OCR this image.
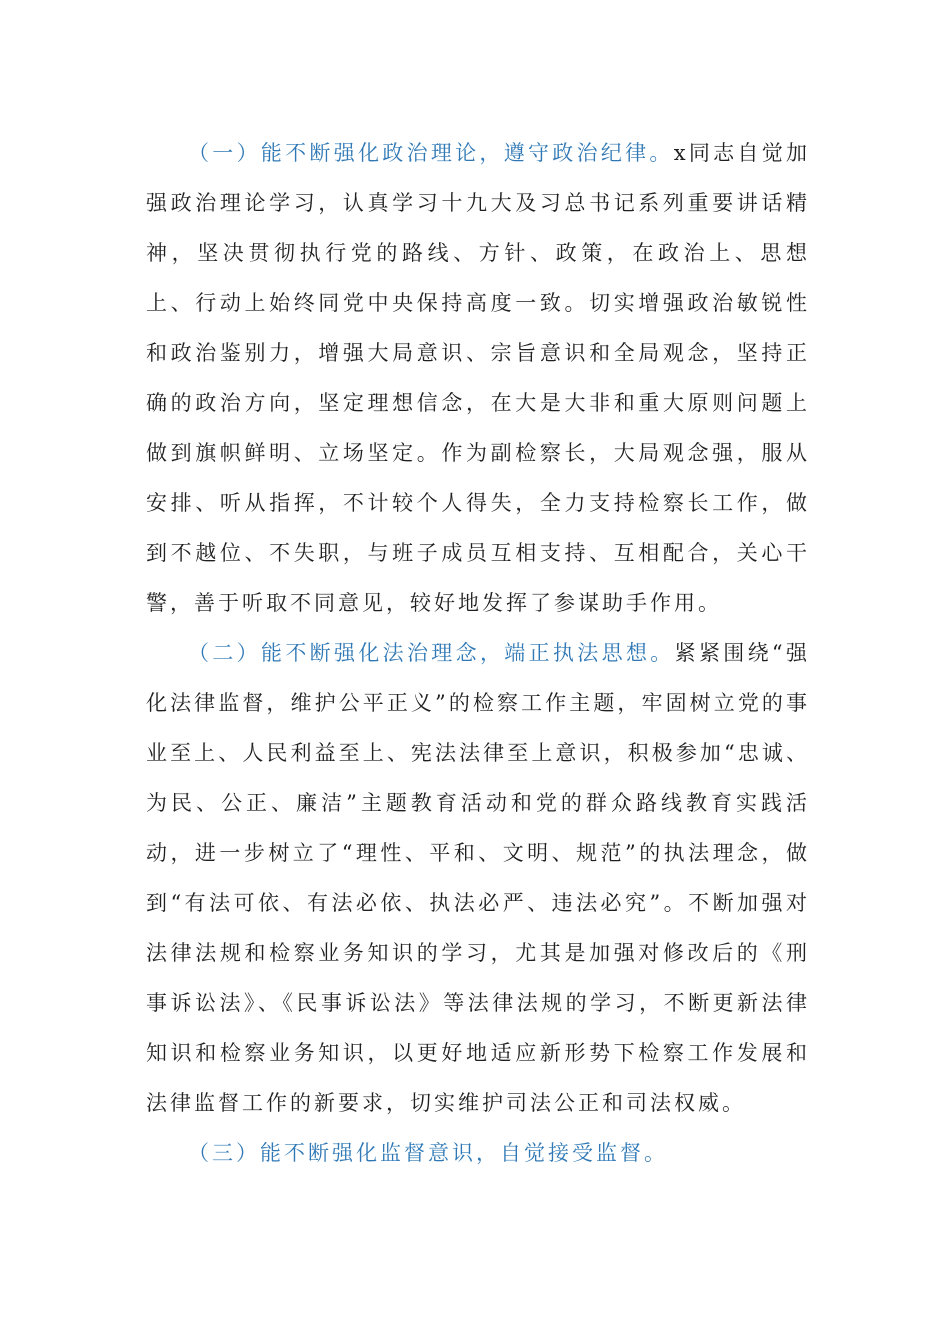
（一）能不断强化政治理论，遵守政治纪律。x同志自觉加强政治理论学习，认真学习十九大及习总书记系列重要讲话精神，坚决贯彻执行党的路线、方针、政策，在政治上、思想上、行动上始终同党中央保持高度一致。切实增强政治敏锐性和政治鉴别力，增强大局意识、宗旨意识和全局观念，坚持正确的政治方向，坚定理想信念，在大是大非和重大原则问题上做到旗帜鲜明、立场坚定。作为副检察长，大局观念强，服从安排、听从指挥，不计较个人得失，全力支持检察长工作，做到不越位、不失职，与班子成员互相支持、互相配合，关心干警，善于听取不同意见，较好地发挥了参谋助手作用。

（二）能不断强化法治理念，端正执法思想。紧紧围绕“强化法律监督，维护公平正义”的检察工作主题，牢固树立党的事业至上、人民利益至上、宪法法律至上意识，积极参加“忠诚、为民、公正、廉洁”主题教育活动和党的群众路线教育实践活动，进一步树立了“理性、平和、文明、规范”的执法理念，做到“有法可依、有法必依、执法必严、违法必究”。不断加强对法律法规和检察业务知识的学习，尤其是加强对修改后的《刑事诉讼法》、《民事诉讼法》等法律法规的学习，不断更新法律知识和检察业务知识，以更好地适应新形势下检察工作发展和法律监督工作的新要求，切实维护司法公正和司法权威。

（三）能不断强化监督意识，自觉接受监督。
